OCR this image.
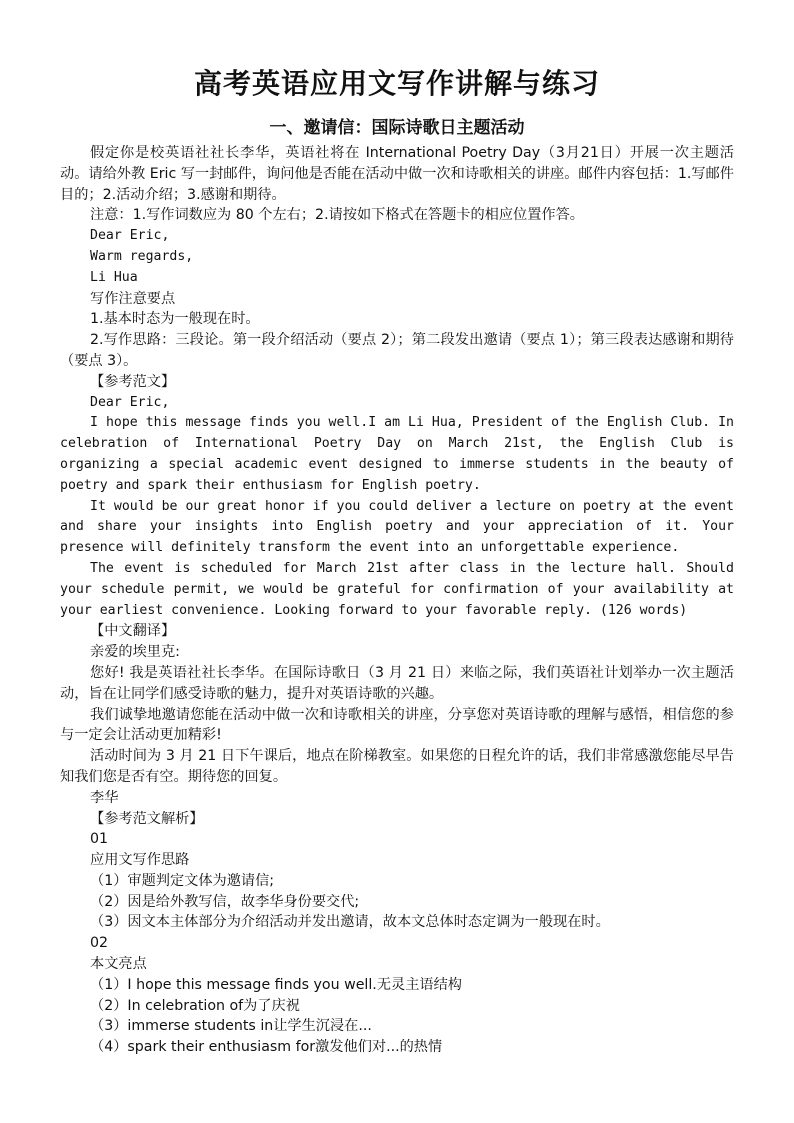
高考英语应用文写作讲解与练习
一、邀请信：国际诗歌日主题活动

假定你是校英语社社长李华，英语社将在 International Poetry Day（3月21日）开展一次主题活动。请给外教 Eric 写一封邮件，询问他是否能在活动中做一次和诗歌相关的讲座。邮件内容包括：1.写邮件目的；2.活动介绍；3.感谢和期待。

注意：1.写作词数应为 80 个左右；2.请按如下格式在答题卡的相应位置作答。

Dear Eric,

Warm regards,

Li Hua

写作注意要点

1.基本时态为一般现在时。

2.写作思路：三段论。第一段介绍活动（要点 2）；第二段发出邀请（要点 1）；第三段表达感谢和期待（要点 3）。

【参考范文】

Dear Eric,

I hope this message finds you well.I am Li Hua, President of the English Club. In celebration of International Poetry Day on March 21st, the English Club is organizing a special academic event designed to immerse students in the beauty of poetry and spark their enthusiasm for English poetry.

It would be our great honor if you could deliver a lecture on poetry at the event and share your insights into English poetry and your appreciation of it. Your presence will definitely transform the event into an unforgettable experience.

The event is scheduled for March 21st after class in the lecture hall. Should your schedule permit, we would be grateful for confirmation of your availability at your earliest convenience. Looking forward to your favorable reply. (126 words)

【中文翻译】

亲爱的埃里克:

您好! 我是英语社社长李华。在国际诗歌日（3 月 21 日）来临之际，我们英语社计划举办一次主题活动，旨在让同学们感受诗歌的魅力，提升对英语诗歌的兴趣。

我们诚挚地邀请您能在活动中做一次和诗歌相关的讲座，分享您对英语诗歌的理解与感悟，相信您的参与一定会让活动更加精彩!

活动时间为 3 月 21 日下午课后，地点在阶梯教室。如果您的日程允许的话，我们非常感激您能尽早告知我们您是否有空。期待您的回复。

李华

【参考范文解析】

01

应用文写作思路

（1）审题判定文体为邀请信;

（2）因是给外教写信，故李华身份要交代;

（3）因文本主体部分为介绍活动并发出邀请，故本文总体时态定调为一般现在时。

02

本文亮点

（1）I hope this message finds you well.无灵主语结构

（2）In celebration of为了庆祝

（3）immerse students in让学生沉浸在...

（4）spark their enthusiasm for激发他们对...的热情
